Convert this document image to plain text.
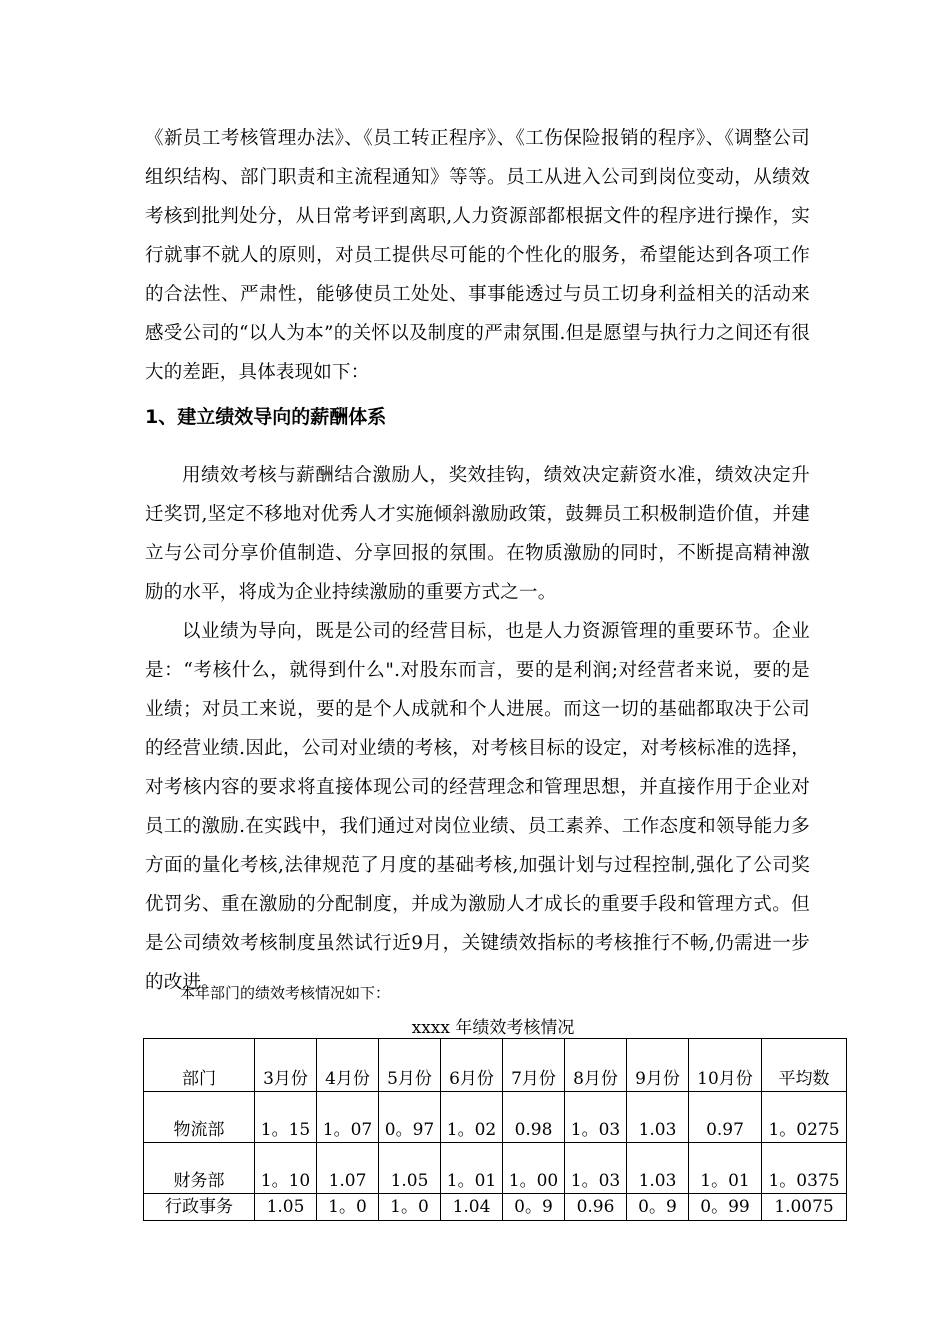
《新员工考核管理办法》、《员工转正程序》、《工伤保险报销的程序》、《调整公司组织结构、部门职责和主流程通知》等等。员工从进入公司到岗位变动，从绩效考核到批判处分，从日常考评到离职,人力资源部都根据文件的程序进行操作，实行就事不就人的原则，对员工提供尽可能的个性化的服务，希望能达到各项工作的合法性、严肃性，能够使员工处处、事事能透过与员工切身利益相关的活动来感受公司的“以人为本”的关怀以及制度的严肃氛围.但是愿望与执行力之间还有很大的差距，具体表现如下：

1、建立绩效导向的薪酬体系

用绩效考核与薪酬结合激励人，奖效挂钩，绩效决定薪资水准，绩效决定升迁奖罚,坚定不移地对优秀人才实施倾斜激励政策，鼓舞员工积极制造价值，并建立与公司分享价值制造、分享回报的氛围。在物质激励的同时，不断提高精神激励的水平，将成为企业持续激励的重要方式之一。

以业绩为导向，既是公司的经营目标，也是人力资源管理的重要环节。企业是：“考核什么，就得到什么".对股东而言，要的是利润;对经营者来说，要的是业绩；对员工来说，要的是个人成就和个人进展。而这一切的基础都取决于公司的经营业绩.因此，公司对业绩的考核，对考核目标的设定，对考核标准的选择，对考核内容的要求将直接体现公司的经营理念和管理思想，并直接作用于企业对员工的激励.在实践中，我们通过对岗位业绩、员工素养、工作态度和领导能力多方面的量化考核,法律规范了月度的基础考核,加强计划与过程控制,强化了公司奖优罚劣、重在激励的分配制度，并成为激励人才成长的重要手段和管理方式。但是公司绩效考核制度虽然试行近9月，关键绩效指标的考核推行不畅,仍需进一步的改进。

本年部门的绩效考核情况如下：

xxxx 年绩效考核情况

部门	3月份	4月份	5月份	6月份	7月份	8月份	9月份	10月份	平均数
物流部	1。15	1。07	0。97	1。02	0.98	1。03	1.03	0.97	1。0275
财务部	1。10	1.07	1.05	1。01	1。00	1。03	1.03	1。01	1。0375
行政事务	1.05	1。0	1。0	1.04	0。9	0.96	0。9	0。99	1.0075
